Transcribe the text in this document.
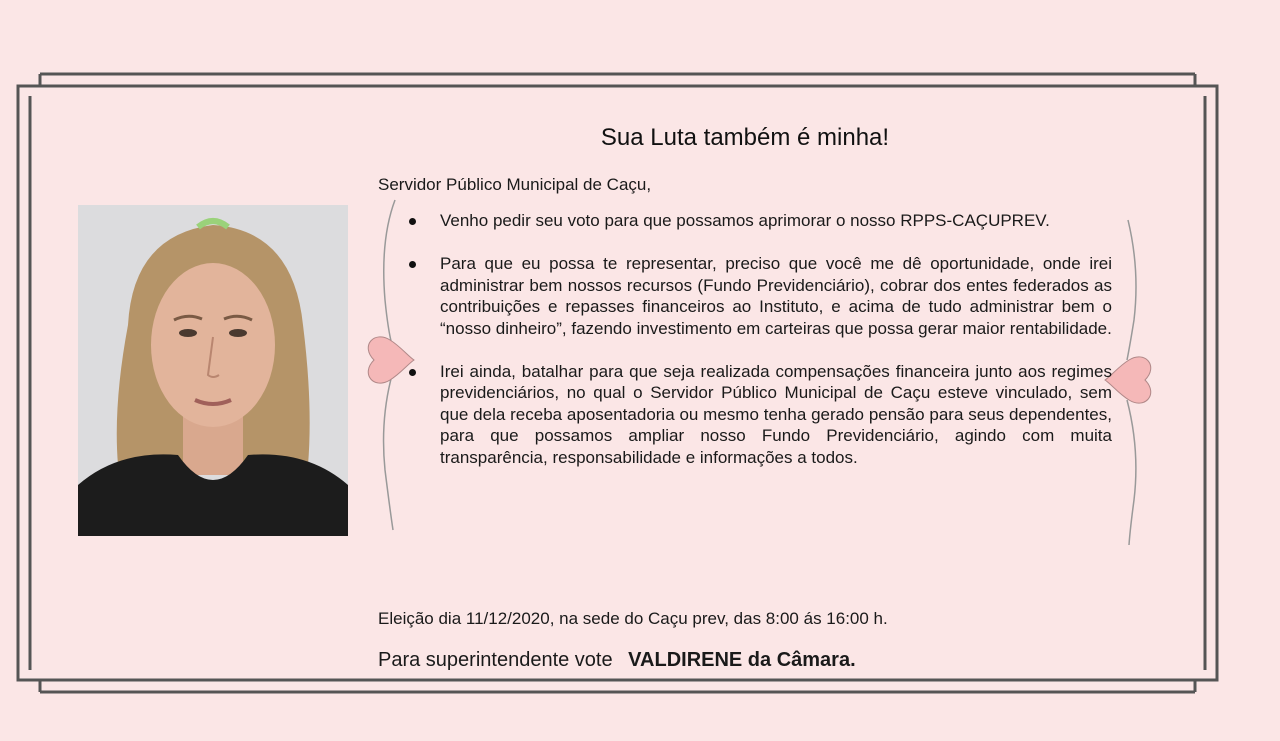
Sua Luta também é minha!
Servidor Público Municipal de Caçu,
Venho pedir seu voto para que possamos aprimorar o nosso RPPS-CAÇUPREV.
Para que eu possa te representar, preciso que você me dê oportunidade, onde irei administrar bem nossos recursos (Fundo Previdenciário), cobrar dos entes federados as contribuições e repasses financeiros ao Instituto, e acima de tudo administrar bem o “nosso dinheiro”, fazendo investimento em carteiras que possa gerar maior rentabilidade.
Irei ainda, batalhar para que seja realizada compensações financeira junto aos regimes previdenciários, no qual o Servidor Público Municipal de Caçu esteve vinculado, sem que dela receba aposentadoria ou mesmo tenha gerado pensão para seus dependentes, para que possamos ampliar nosso Fundo Previdenciário, agindo com muita transparência, responsabilidade e informações a todos.
Eleição dia 11/12/2020, na sede do Caçu prev, das 8:00 ás 16:00 h.
Para superintendente vote VALDIRENE da Câmara.
